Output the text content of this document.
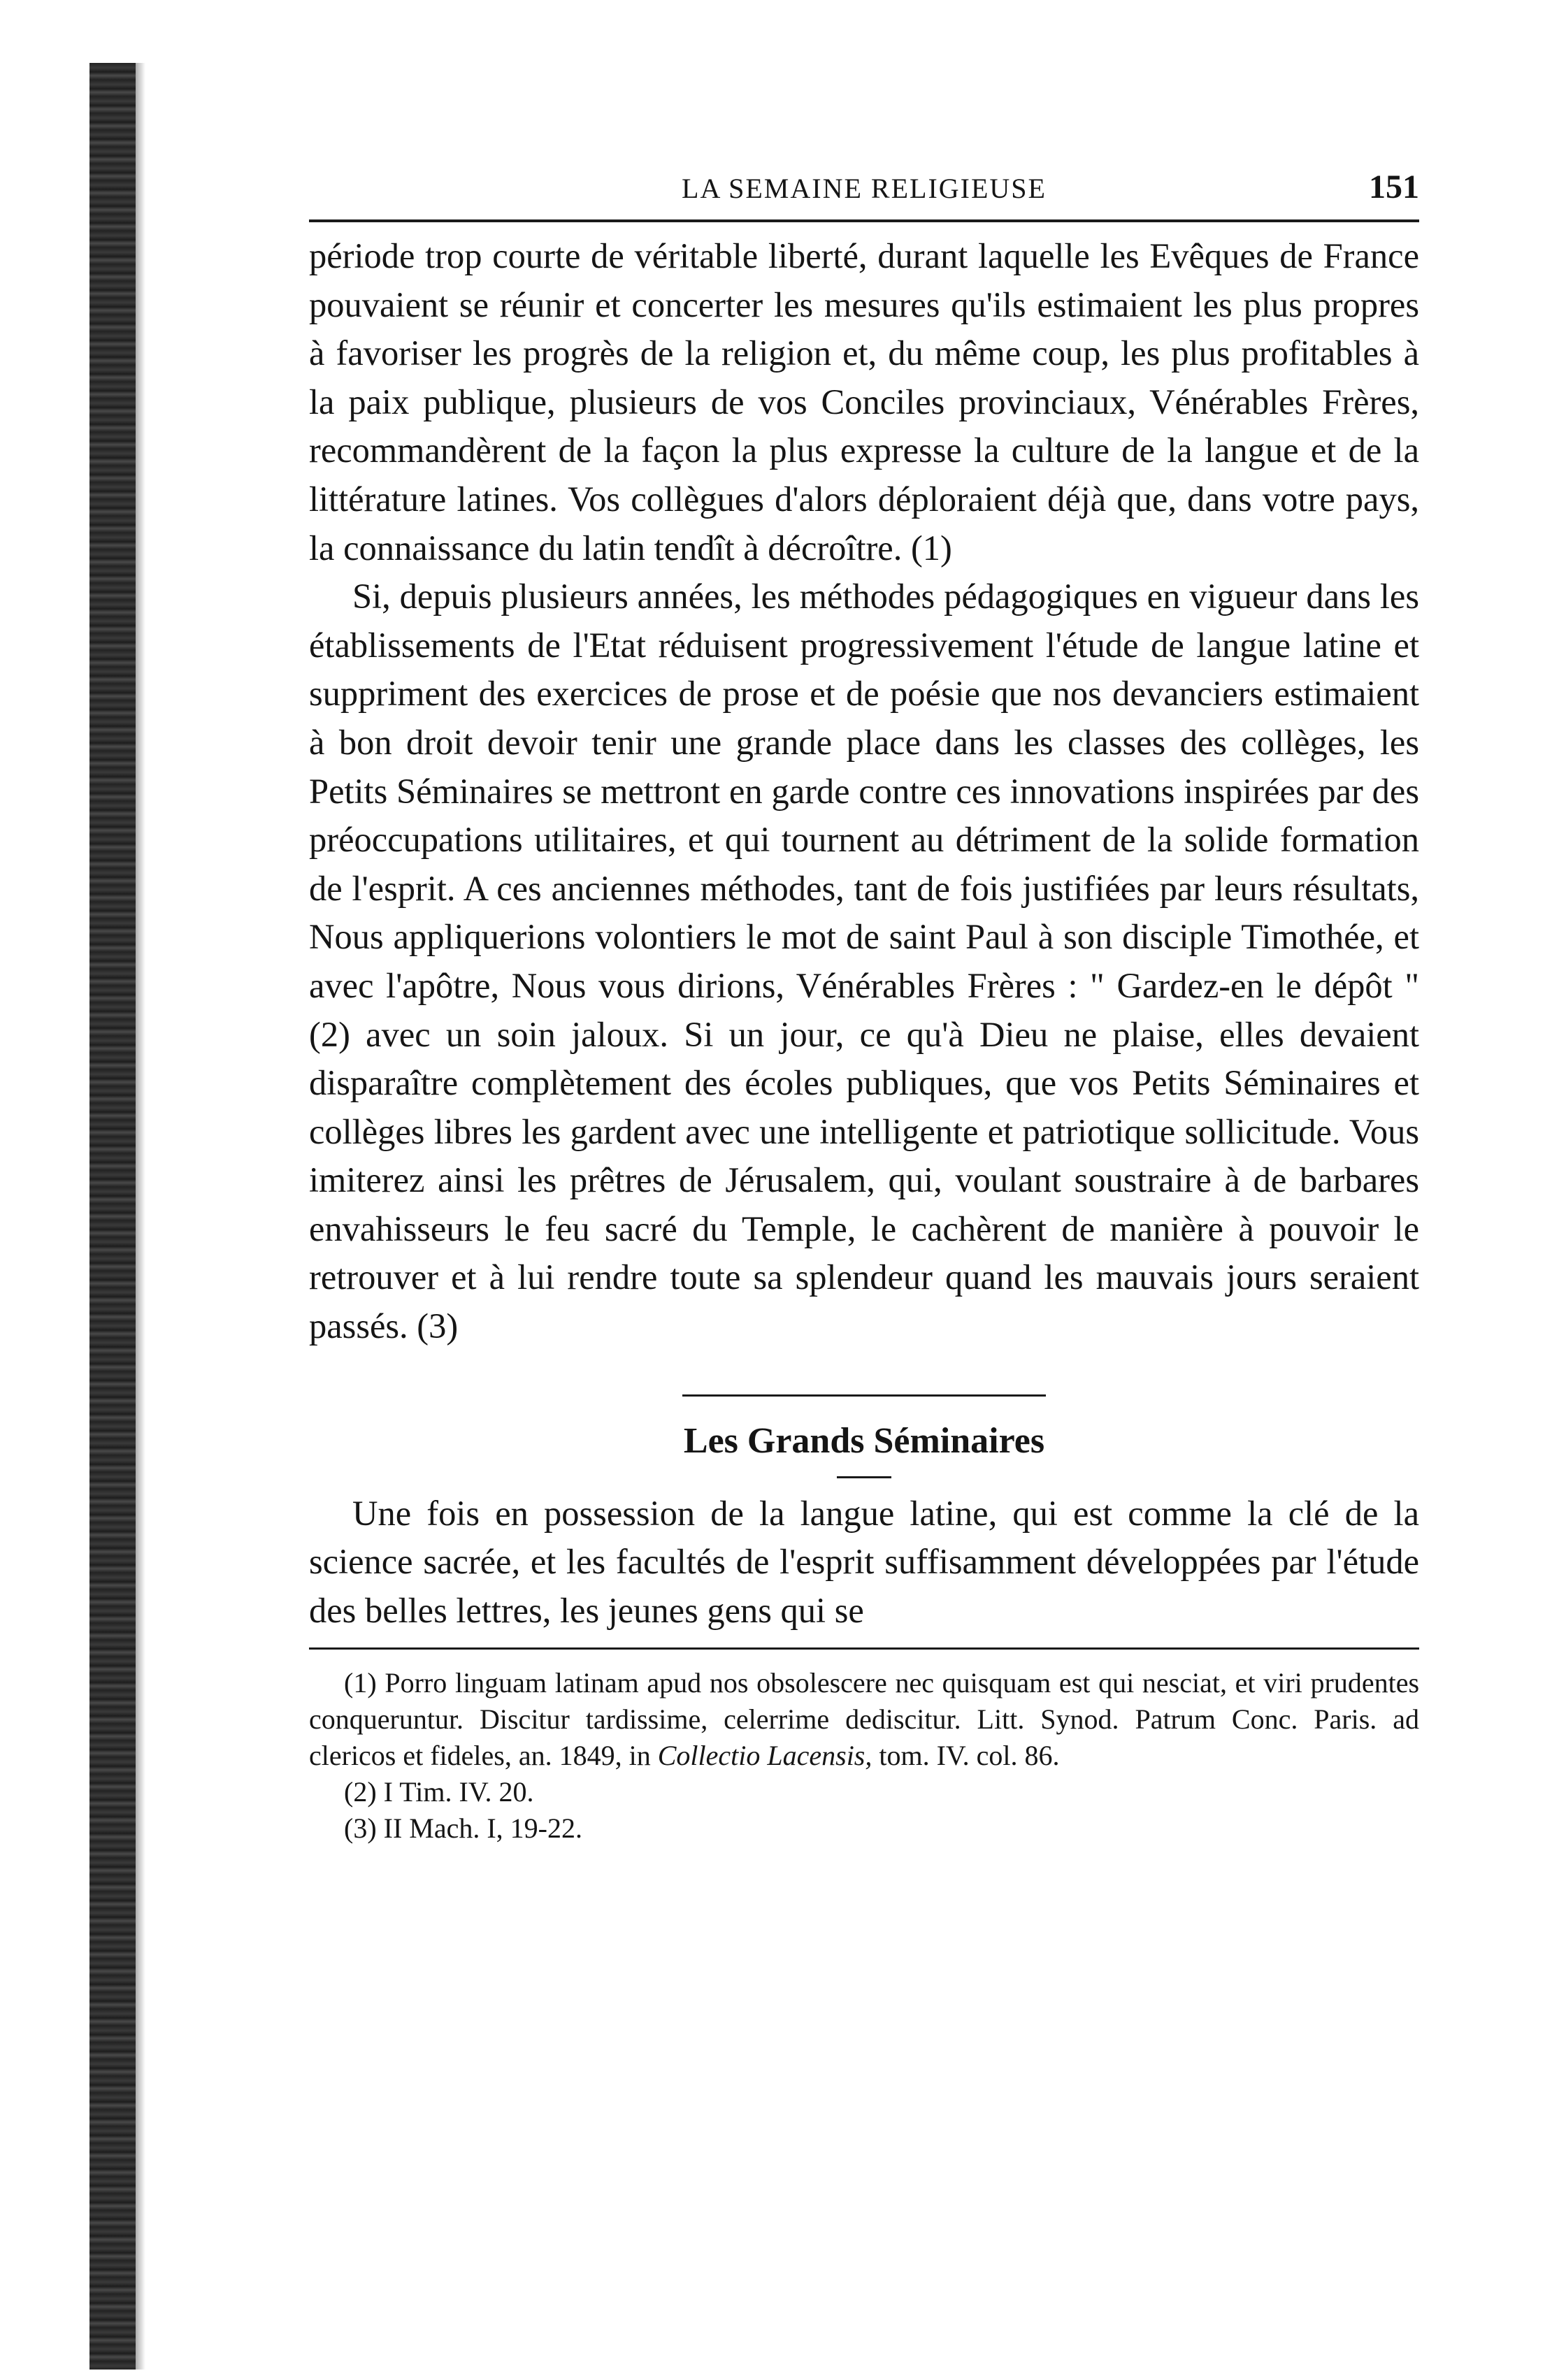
LA SEMAINE RELIGIEUSE	151

période trop courte de véritable liberté, durant laquelle les Evêques de France pouvaient se réunir et concerter les mesures qu'ils estimaient les plus propres à favoriser les progrès de la religion et, du même coup, les plus profitables à la paix publique, plusieurs de vos Conciles provinciaux, Vénérables Frères, recommandèrent de la façon la plus expresse la culture de la langue et de la littérature latines. Vos collègues d'alors déploraient déjà que, dans votre pays, la connaissance du latin tendît à décroître. (1)

Si, depuis plusieurs années, les méthodes pédagogiques en vigueur dans les établissements de l'Etat réduisent progressivement l'étude de langue latine et suppriment des exercices de prose et de poésie que nos devanciers estimaient à bon droit devoir tenir une grande place dans les classes des collèges, les Petits Séminaires se mettront en garde contre ces innovations inspirées par des préoccupations utilitaires, et qui tournent au détriment de la solide formation de l'esprit. A ces anciennes méthodes, tant de fois justifiées par leurs résultats, Nous appliquerions volontiers le mot de saint Paul à son disciple Timothée, et avec l'apôtre, Nous vous dirions, Vénérables Frères : " Gardez-en le dépôt " (2) avec un soin jaloux. Si un jour, ce qu'à Dieu ne plaise, elles devaient disparaître complètement des écoles publiques, que vos Petits Séminaires et collèges libres les gardent avec une intelligente et patriotique sollicitude. Vous imiterez ainsi les prêtres de Jérusalem, qui, voulant soustraire à de barbares envahisseurs le feu sacré du Temple, le cachèrent de manière à pouvoir le retrouver et à lui rendre toute sa splendeur quand les mauvais jours seraient passés. (3)

Les Grands Séminaires

Une fois en possession de la langue latine, qui est comme la clé de la science sacrée, et les facultés de l'esprit suffisamment développées par l'étude des belles lettres, les jeunes gens qui se

(1) Porro linguam latinam apud nos obsolescere nec quisquam est qui nesciat, et viri prudentes conqueruntur. Discitur tardissime, celerrime dediscitur. Litt. Synod. Patrum Conc. Paris. ad clericos et fideles, an. 1849, in Collectio Lacensis, tom. IV. col. 86.

(2) I Tim. IV. 20.

(3) II Mach. I, 19-22.
